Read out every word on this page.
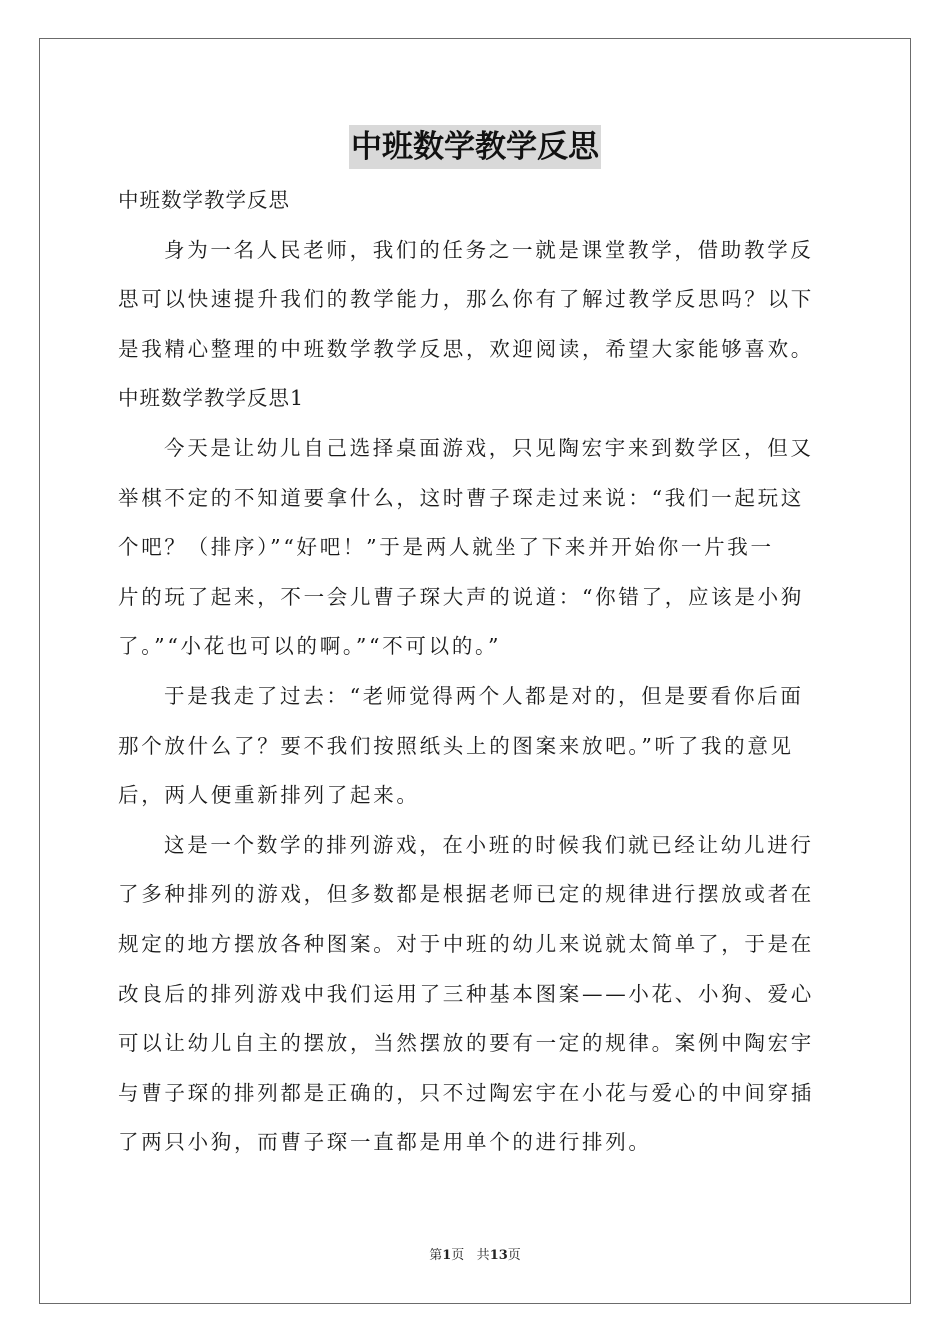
中班数学教学反思
中班数学教学反思
身为一名人民老师，我们的任务之一就是课堂教学，借助教学反
思可以快速提升我们的教学能力，那么你有了解过教学反思吗？以下
是我精心整理的中班数学教学反思，欢迎阅读，希望大家能够喜欢。
中班数学教学反思1
今天是让幼儿自己选择桌面游戏，只见陶宏宇来到数学区，但又
举棋不定的不知道要拿什么，这时曹子琛走过来说：“我们一起玩这
个吧？（排序）”“好吧！”于是两人就坐了下来并开始你一片我一
片的玩了起来，不一会儿曹子琛大声的说道：“你错了，应该是小狗
了。”“小花也可以的啊。”“不可以的。”
于是我走了过去：“老师觉得两个人都是对的，但是要看你后面
那个放什么了？要不我们按照纸头上的图案来放吧。”听了我的意见
后，两人便重新排列了起来。
这是一个数学的排列游戏，在小班的时候我们就已经让幼儿进行
了多种排列的游戏，但多数都是根据老师已定的规律进行摆放或者在
规定的地方摆放各种图案。对于中班的幼儿来说就太简单了，于是在
改良后的排列游戏中我们运用了三种基本图案——小花、小狗、爱心
可以让幼儿自主的摆放，当然摆放的要有一定的规律。案例中陶宏宇
与曹子琛的排列都是正确的，只不过陶宏宇在小花与爱心的中间穿插
了两只小狗，而曹子琛一直都是用单个的进行排列。
第1页 共13页
